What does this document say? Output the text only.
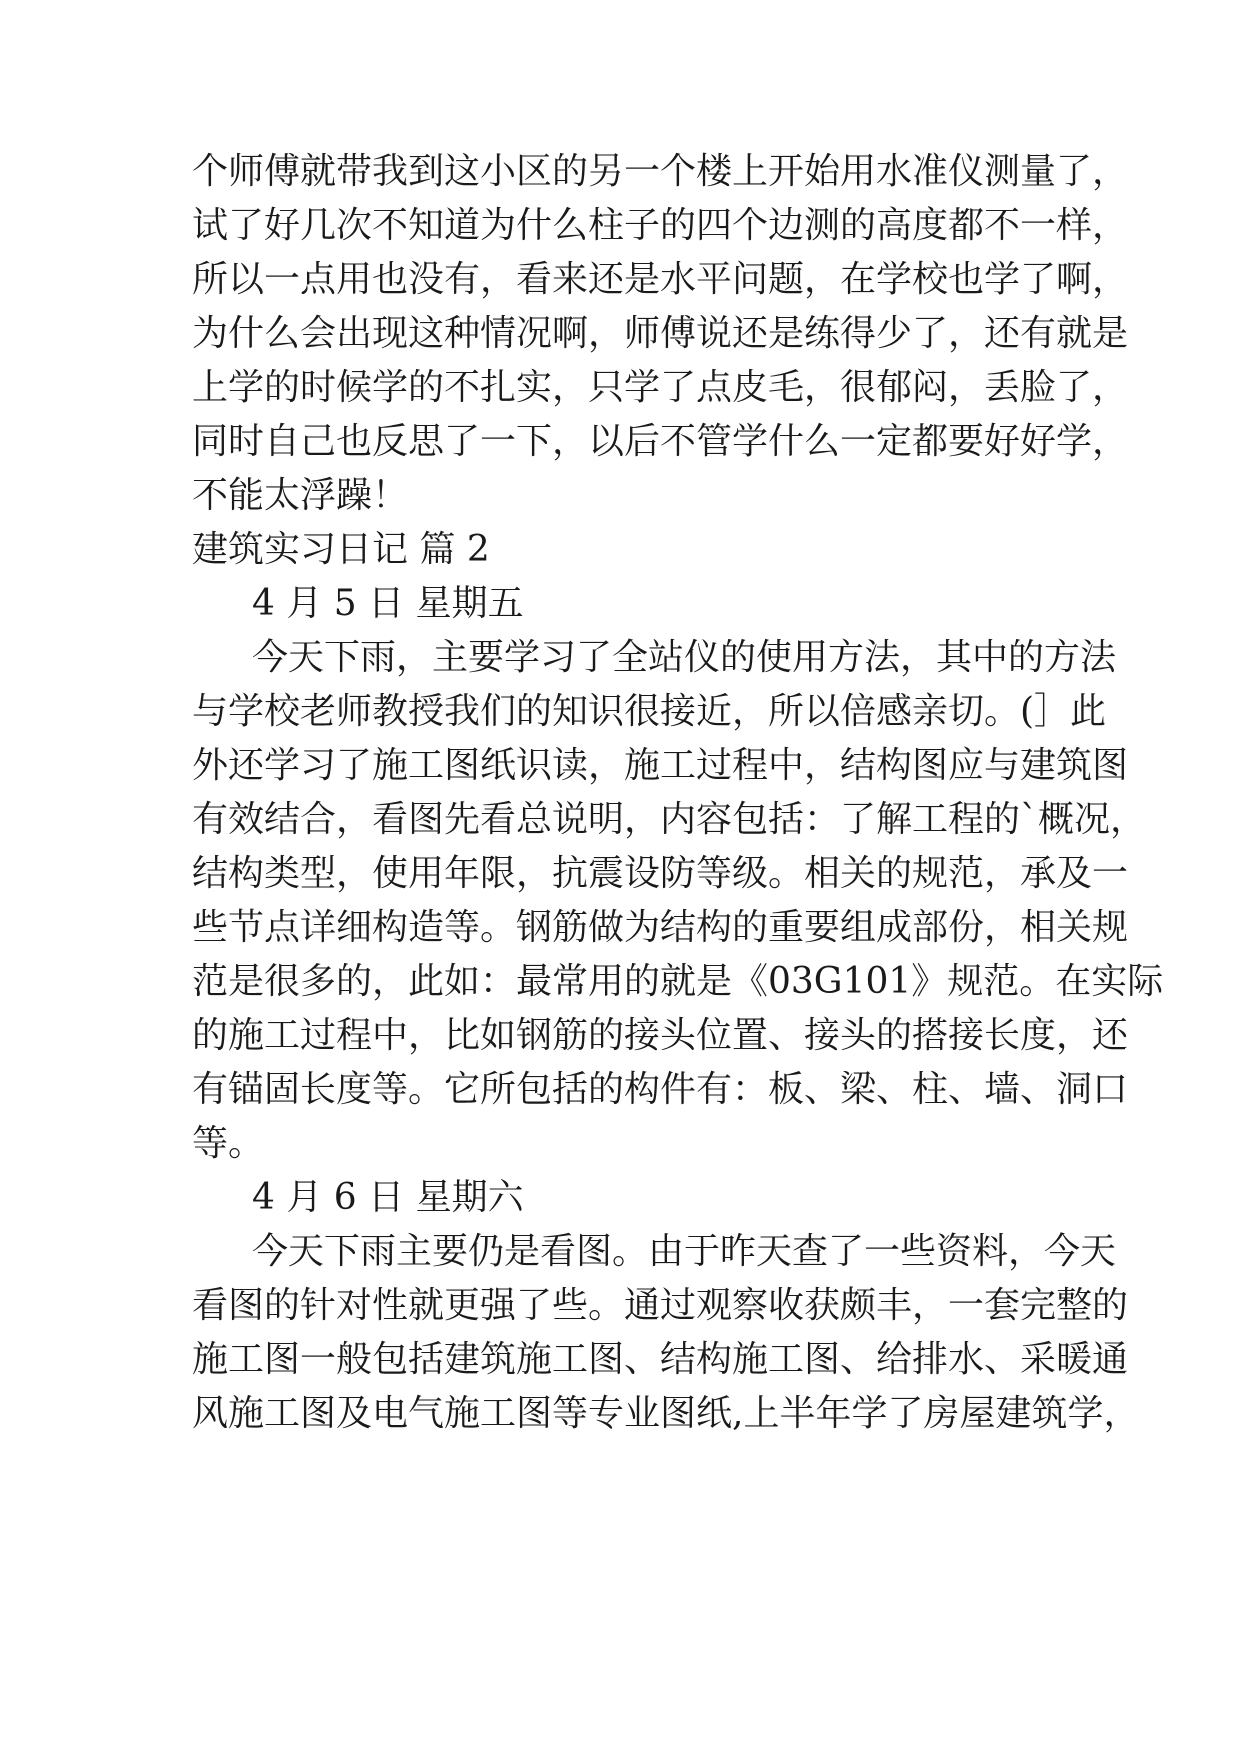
个师傅就带我到这小区的另一个楼上开始用水准仪测量了，
试了好几次不知道为什么柱子的四个边测的高度都不一样，
所以一点用也没有，看来还是水平问题，在学校也学了啊，
为什么会出现这种情况啊，师傅说还是练得少了，还有就是
上学的时候学的不扎实，只学了点皮毛，很郁闷，丢脸了，
同时自己也反思了一下，以后不管学什么一定都要好好学，
不能太浮躁！
建筑实习日记 篇 2
4 月 5 日 星期五
今天下雨，主要学习了全站仪的使用方法，其中的方法
与学校老师教授我们的知识很接近，所以倍感亲切。(］此
外还学习了施工图纸识读，施工过程中，结构图应与建筑图
有效结合，看图先看总说明，内容包括：了解工程的`概况，
结构类型，使用年限，抗震设防等级。相关的规范，承及一
些节点详细构造等。钢筋做为结构的重要组成部份，相关规
范是很多的，此如：最常用的就是《03G101》规范。在实际
的施工过程中，比如钢筋的接头位置、接头的搭接长度，还
有锚固长度等。它所包括的构件有：板、梁、柱、墙、洞口
等。
4 月 6 日 星期六
今天下雨主要仍是看图。由于昨天查了一些资料，今天
看图的针对性就更强了些。通过观察收获颇丰，一套完整的
施工图一般包括建筑施工图、结构施工图、给排水、采暖通
风施工图及电气施工图等专业图纸,上半年学了房屋建筑学，
